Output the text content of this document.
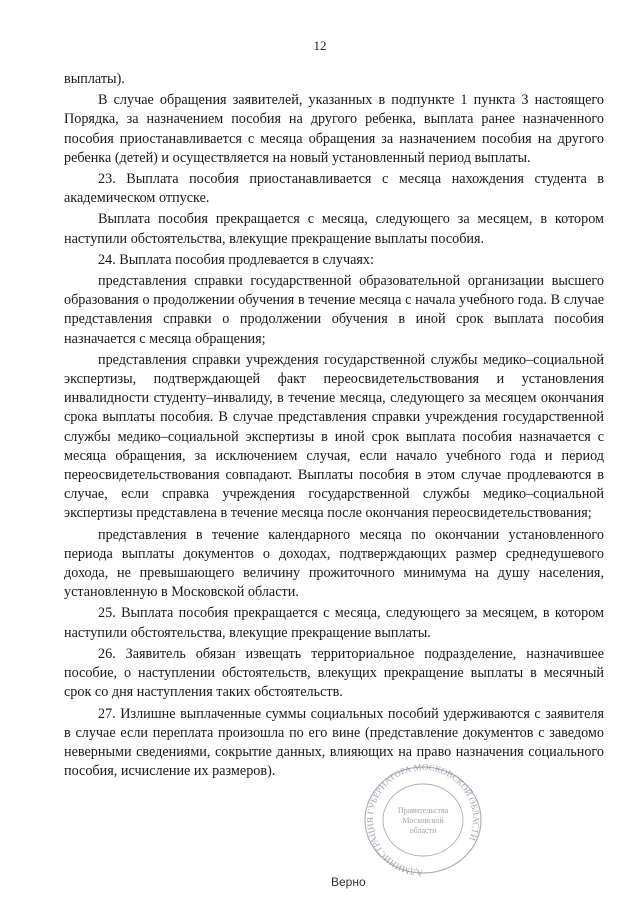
12

выплаты).

В случае обращения заявителей, указанных в подпункте 1 пункта 3 настоящего Порядка, за назначением пособия на другого ребенка, выплата ранее назначенного пособия приостанавливается с месяца обращения за назначением пособия на другого ребенка (детей) и осуществляется на новый установленный период выплаты.

23. Выплата пособия приостанавливается с месяца нахождения студента в академическом отпуске.

Выплата пособия прекращается с месяца, следующего за месяцем, в котором наступили обстоятельства, влекущие прекращение выплаты пособия.

24. Выплата пособия продлевается в случаях:

представления справки государственной образовательной организации высшего образования о продолжении обучения в течение месяца с начала учебного года. В случае представления справки о продолжении обучения в иной срок выплата пособия назначается с месяца обращения;

представления справки учреждения государственной службы медико–социальной экспертизы, подтверждающей факт переосвидетельствования и установления инвалидности студенту–инвалиду, в течение месяца, следующего за месяцем окончания срока выплаты пособия. В случае представления справки учреждения государственной службы медико–социальной экспертизы в иной срок выплата пособия назначается с месяца обращения, за исключением случая, если начало учебного года и период переосвидетельствования совпадают. Выплаты пособия в этом случае продлеваются в случае, если справка учреждения государственной службы медико–социальной экспертизы представлена в течение месяца после окончания переосвидетельствования;

представления в течение календарного месяца по окончании установленного периода выплаты документов о доходах, подтверждающих размер среднедушевого дохода, не превышающего величину прожиточного минимума на душу населения, установленную в Московской области.

25. Выплата пособия прекращается с месяца, следующего за месяцем, в котором наступили обстоятельства, влекущие прекращение выплаты.

26. Заявитель обязан извещать территориальное подразделение, назначившее пособие, о наступлении обстоятельств, влекущих прекращение выплаты в месячный срок со дня наступления таких обстоятельств.

27. Излишне выплаченные суммы социальных пособий удерживаются с заявителя в случае если переплата произошла по его вине (представление документов с заведомо неверными сведениями, сокрытие данных, влияющих на право назначения социального пособия, исчисление их размеров).

АДМИНИСТРАЦИЯ ГУБЕРНАТОРА МОСКОВСКОЙ ОБЛАСТИ
Правительства
Московской
области
Верно
